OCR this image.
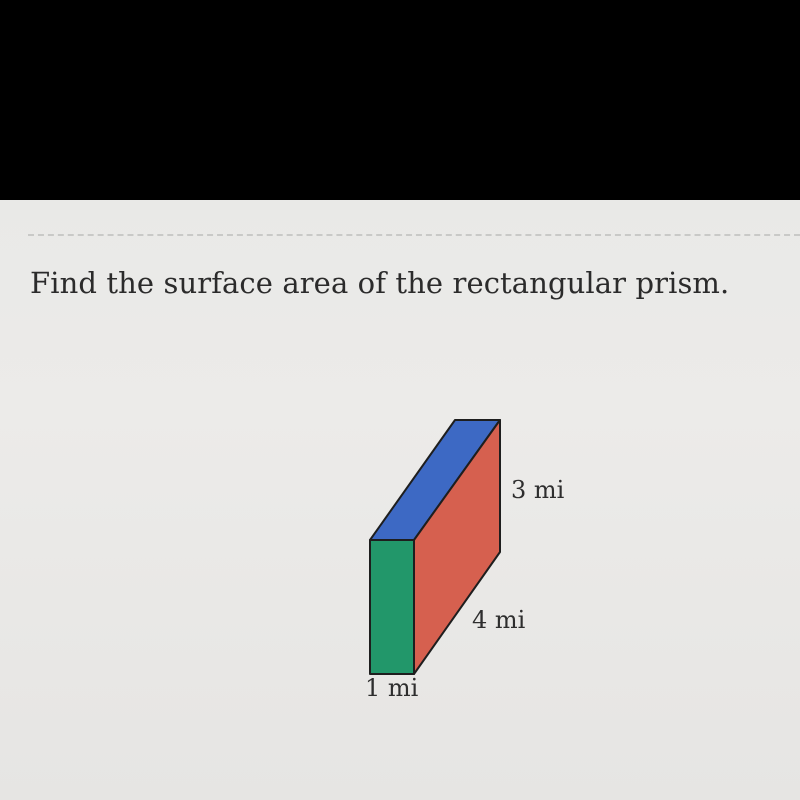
Find the surface area of the rectangular prism.
3 mi
4 mi
1 mi
